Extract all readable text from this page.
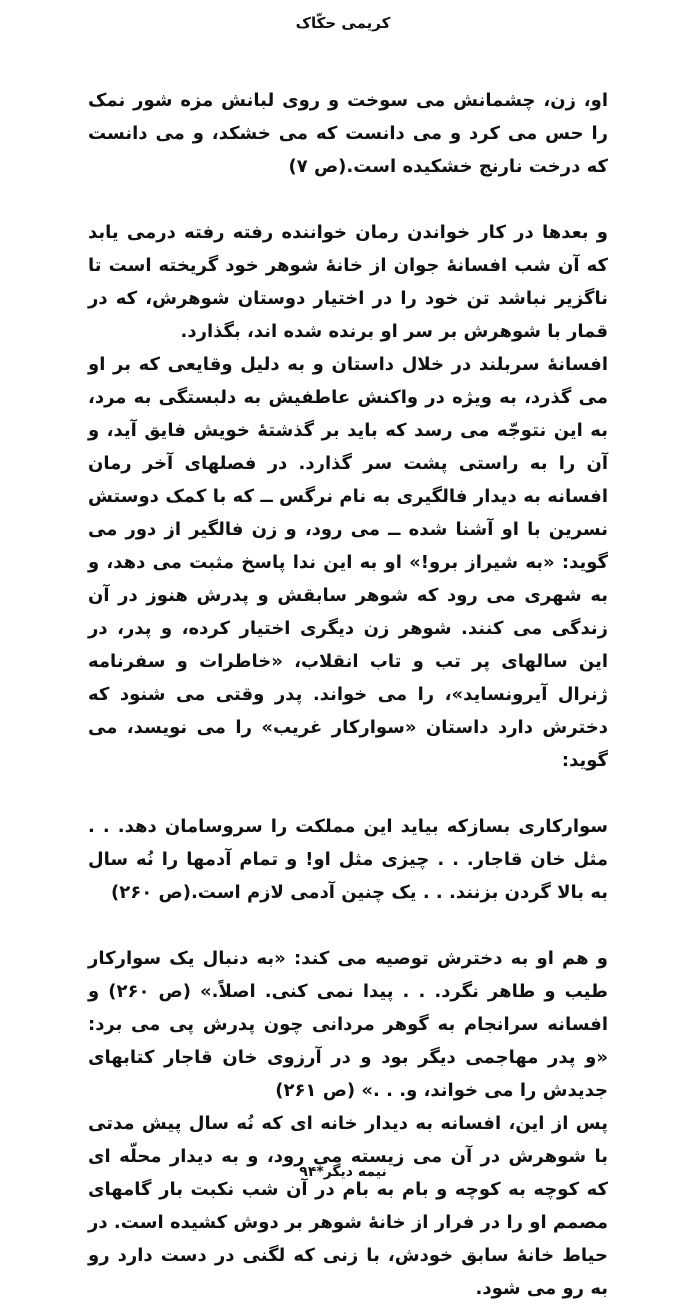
کریمی حکّاک

او، زن، چشمانش می سوخت و روی لبانش مزه شور نمک را حس می کرد و می دانست که می خشکد، و می دانست که درخت نارنج خشکیده است.(ص ۷)

و بعدها در کار خواندن رمان خواننده رفته رفته درمی یابد که آن شب افسانهٔ جوان از خانهٔ شوهر خود گریخته است تا ناگزیر نباشد تن خود را در اختیار دوستان شوهرش، که در قمار با شوهرش بر سر او برنده شده اند، بگذارد.

افسانهٔ سربلند در خلال داستان و به دلیل وقایعی که بر او می گذرد، به ویژه در واکنش عاطفیش به دلبستگی به مرد، به این نتوجّه می رسد که باید بر گذشتهٔ خویش فایق آید، و آن را به راستی پشت سر گذارد. در فصلهای آخر رمان افسانه به دیدار فالگیری به نام نرگس ــ که با کمک دوستش نسرین با او آشنا شده ــ می رود، و زن فالگیر از دور می گوید: «به شیراز برو!» او به این ندا پاسخ مثبت می دهد، و به شهری می رود که شوهر سابقش و پدرش هنوز در آن زندگی می کنند. شوهر زن دیگری اختیار کرده، و پدر، در این سالهای پر تب و تاب انقلاب، «خاطرات و سفرنامه ژنرال آیرونساید»، را می خواند. پدر وقتی می شنود که دخترش دارد داستان «سوارکار غریب» را می نویسد، می گوید:

سوارکاری بسازکه بیاید این مملکت را سروسامان دهد. . . مثل خان قاجار. . . چیزی مثل او! و تمام آدمها را نُه سال به بالا گردن بزنند. . . یک چنین آدمی لازم است.(ص ۲۶۰)

و هم او به دخترش توصیه می کند: «به دنبال یک سوارکار طیب و طاهر نگرد. . . پیدا نمی کنی. اصلاً.» (ص ۲۶۰) و افسانه سرانجام به گوهر مردانی چون پدرش پی می برد: «و پدر مهاجمی دیگر بود و در آرزوی خان قاجار کتابهای جدیدش را می خواند، و. . .» (ص ۲۶۱)

پس از این، افسانه به دیدار خانه ای که نُه سال پیش مدتی با شوهرش در آن می زیسته می رود، و به دیدار محلّه ای که کوچه به کوچه و بام به بام در آن شب نکبت بار گامهای مصمم او را در فرار از خانهٔ شوهر بر دوش کشیده است. در حیاط خانهٔ سابق خودش، با زنی که لگنی در دست دارد رو به رو می شود.

نیمه دیگر*۹۴
